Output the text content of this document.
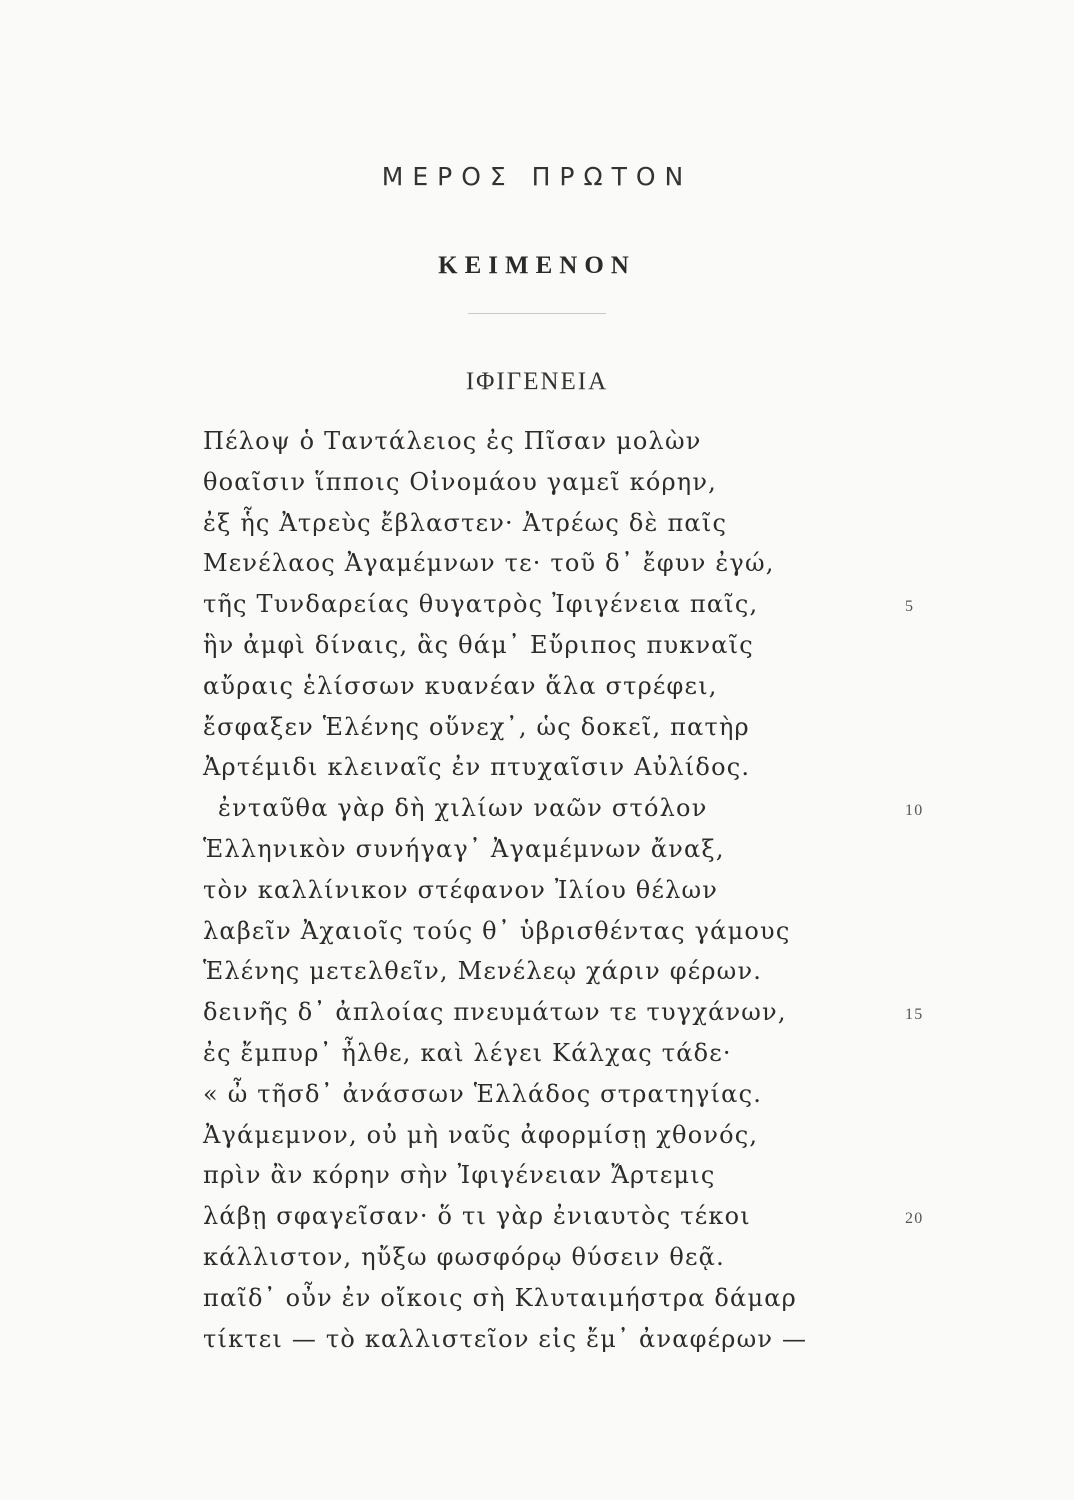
ΜΕΡΟΣ ΠΡΩΤΟΝ
ΚΕΙΜΕΝΟΝ
ΙΦΙΓΕΝΕΙΑ
Πέλοψ ὁ Ταντάλειος ἐς Πῖσαν μολὼν
θοαῖσιν ἵπποις Οἰνομάου γαμεῖ κόρην,
ἐξ ἧς Ἀτρεὺς ἔβλαστεν· Ἀτρέως δὲ παῖς
Μενέλαος Ἀγαμέμνων τε· τοῦ δ᾽ ἔφυν ἐγώ,
τῆς Τυνδαρείας θυγατρὸς Ἰφιγένεια παῖς,	5
ἣν ἀμφὶ δίναις, ἃς θάμ᾽ Εὔριπος πυκναῖς
αὔραις ἑλίσσων κυανέαν ἅλα στρέφει,
ἔσφαξεν Ἑλένης οὕνεχ᾽, ὡς δοκεῖ, πατὴρ
Ἀρτέμιδι κλειναῖς ἐν πτυχαῖσιν Αὐλίδος.
ἐνταῦθα γὰρ δὴ χιλίων ναῶν στόλον	10
Ἑλληνικὸν συνήγαγ᾽ Ἀγαμέμνων ἄναξ,
τὸν καλλίνικον στέφανον Ἰλίου θέλων
λαβεῖν Ἀχαιοῖς τούς θ᾽ ὑβρισθέντας γάμους
Ἑλένης μετελθεῖν, Μενέλεῳ χάριν φέρων.
δεινῆς δ᾽ ἀπλοίας πνευμάτων τε τυγχάνων,	15
ἐς ἔμπυρ᾽ ἦλθε, καὶ λέγει Κάλχας τάδε·
« ὦ τῆσδ᾽ ἀνάσσων Ἑλλάδος στρατηγίας.
Ἀγάμεμνον, οὐ μὴ ναῦς ἀφορμίσῃ χθονός,
πρὶν ἂν κόρην σὴν Ἰφιγένειαν Ἄρτεμις
λάβῃ σφαγεῖσαν· ὅ τι γὰρ ἐνιαυτὸς τέκοι	20
κάλλιστον, ηὔξω φωσφόρῳ θύσειν θεᾷ.
παῖδ᾽ οὖν ἐν οἴκοις σὴ Κλυταιμήστρα δάμαρ
τίκτει — τὸ καλλιστεῖον εἰς ἔμ᾽ ἀναφέρων —
